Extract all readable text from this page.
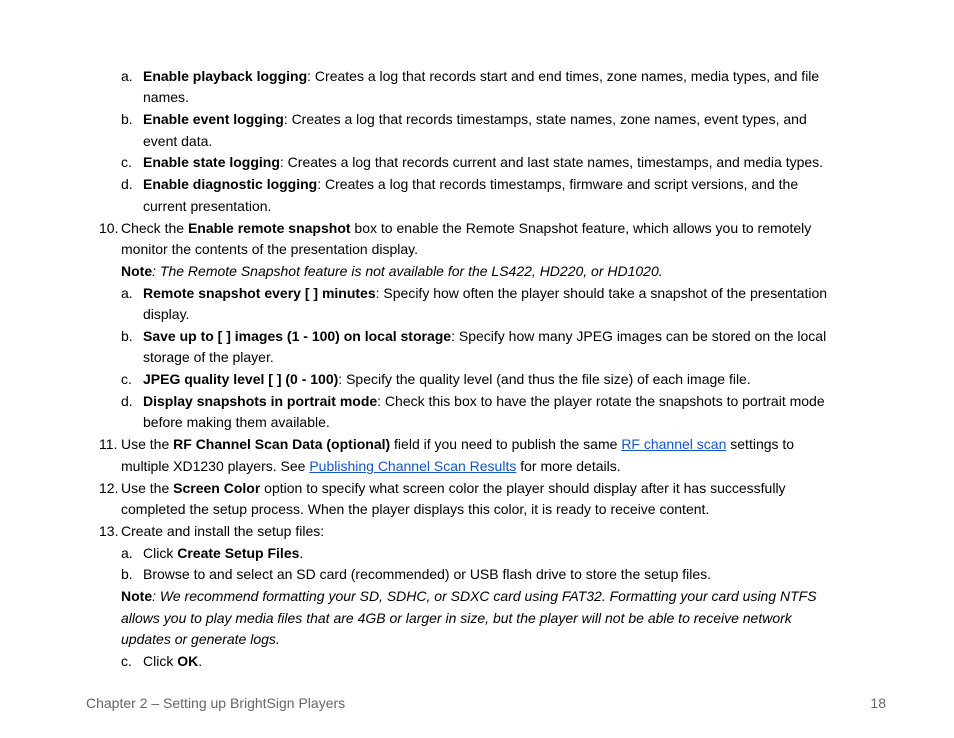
a. Enable playback logging: Creates a log that records start and end times, zone names, media types, and file
names.
b. Enable event logging: Creates a log that records timestamps, state names, zone names, event types, and
event data.
c. Enable state logging: Creates a log that records current and last state names, timestamps, and media types.
d. Enable diagnostic logging: Creates a log that records timestamps, firmware and script versions, and the
current presentation.
10. Check the Enable remote snapshot box to enable the Remote Snapshot feature, which allows you to remotely
monitor the contents of the presentation display.
Note: The Remote Snapshot feature is not available for the LS422, HD220, or HD1020.
a. Remote snapshot every [ ] minutes: Specify how often the player should take a snapshot of the presentation
display.
b. Save up to [ ] images (1 - 100) on local storage: Specify how many JPEG images can be stored on the local
storage of the player.
c. JPEG quality level [ ] (0 - 100): Specify the quality level (and thus the file size) of each image file.
d. Display snapshots in portrait mode: Check this box to have the player rotate the snapshots to portrait mode
before making them available.
11. Use the RF Channel Scan Data (optional) field if you need to publish the same RF channel scan settings to
multiple XD1230 players. See Publishing Channel Scan Results for more details.
12. Use the Screen Color option to specify what screen color the player should display after it has successfully
completed the setup process. When the player displays this color, it is ready to receive content.
13. Create and install the setup files:
a. Click Create Setup Files.
b. Browse to and select an SD card (recommended) or USB flash drive to store the setup files.
Note: We recommend formatting your SD, SDHC, or SDXC card using FAT32. Formatting your card using NTFS
allows you to play media files that are 4GB or larger in size, but the player will not be able to receive network
updates or generate logs.
c. Click OK.
Chapter 2 – Setting up BrightSign Players	18
